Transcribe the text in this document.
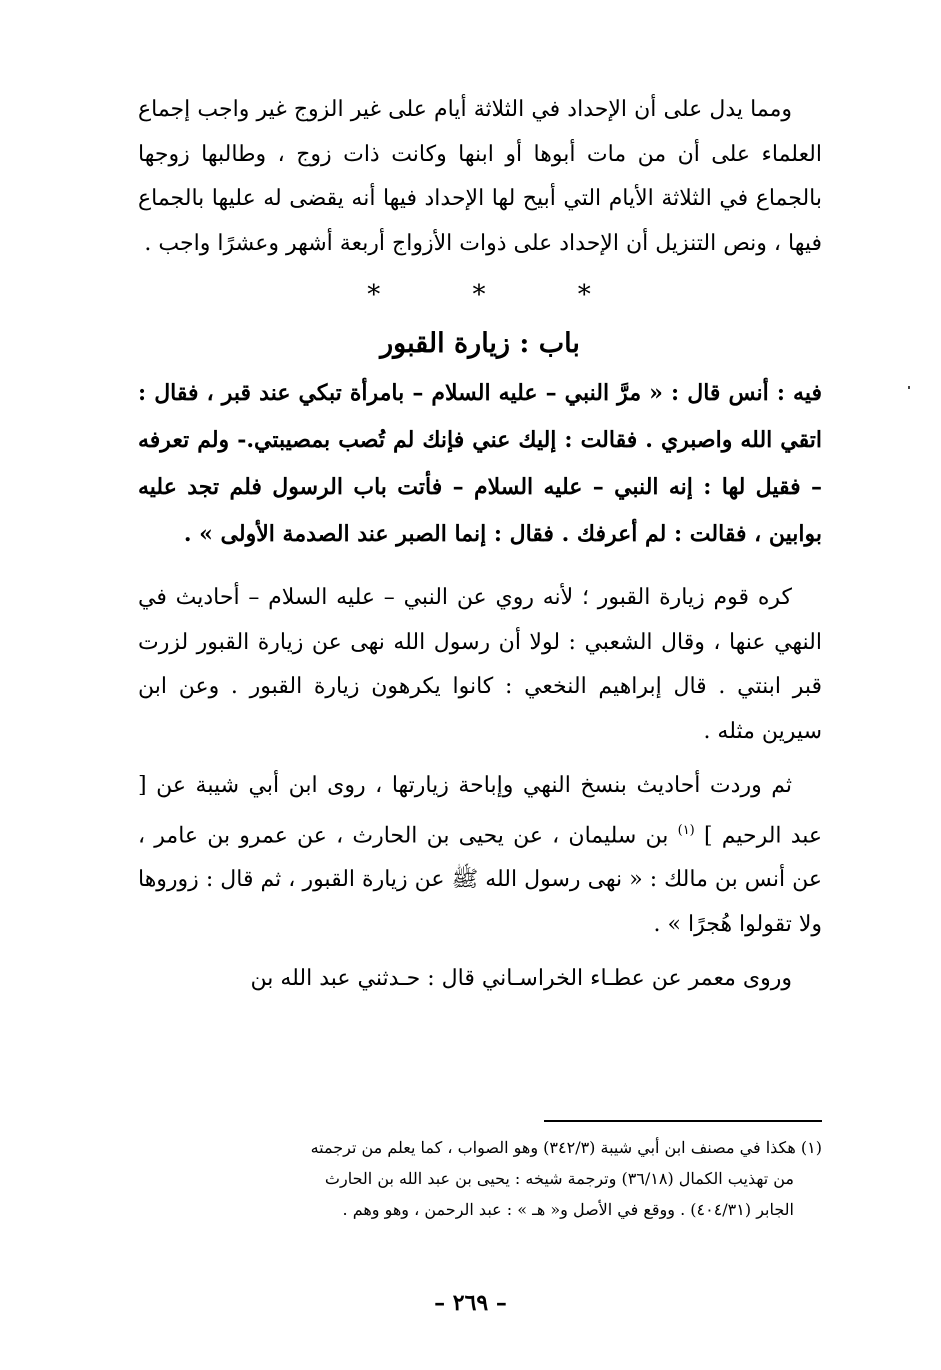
ومما يدل على أن الإحداد في الثلاثة أيام على غير الزوج غير واجب إجماع العلماء على أن من مات أبوها أو ابنها وكانت ذات زوج ، وطالبها زوجها بالجماع في الثلاثة الأيام التي أبيح لها الإحداد فيها أنه يقضى له عليها بالجماع فيها ، ونص التنزيل أن الإحداد على ذوات الأزواج أربعة أشهر وعشرًا واجب .

* * *
باب : زيارة القبور

فيه : أنس قال : « مرَّ النبي – عليه السلام – بامرأة تبكي عند قبر ، فقال : اتقي الله واصبري . فقالت : إليك عني فإنك لم تُصب بمصيبتي.- ولم تعرفه – فقيل لها : إنه النبي – عليه السلام – فأتت باب الرسول فلم تجد عليه بوابين ، فقالت : لم أعرفك . فقال : إنما الصبر عند الصدمة الأولى » .

كره قوم زيارة القبور ؛ لأنه روي عن النبي – عليه السلام – أحاديث في النهي عنها ، وقال الشعبي : لولا أن رسول الله نهى عن زيارة القبور لزرت قبر ابنتي . قال إبراهيم النخعي : كانوا يكرهون زيارة القبور . وعن ابن سيرين مثله .

ثم وردت أحاديث بنسخ النهي وإباحة زيارتها ، روى ابن أبي شيبة عن [ عبد الرحيم ] $^{(١)}$ بن سليمان ، عن يحيى بن الحارث ، عن عمرو بن عامر ، عن أنس بن مالك : « نهى رسول الله ﷺ عن زيارة القبور ، ثم قال : زوروها ولا تقولوا هُجرًا » .

وروى معمر عن عطـاء الخراسـاني قال : حـدثني عبد الله بن

(١) هكذا في مصنف ابن أبي شيبة (٣٤٢/٣) وهو الصواب ، كما يعلم من ترجمته

من تهذيب الكمال (٣٦/١٨) وترجمة شيخه : يحيى بن عبد الله بن الحارث

الجابر (٤٠٤/٣١) . ووقع في الأصل و« هـ » : عبد الرحمن ، وهو وهم .

– ٢٦٩ –
